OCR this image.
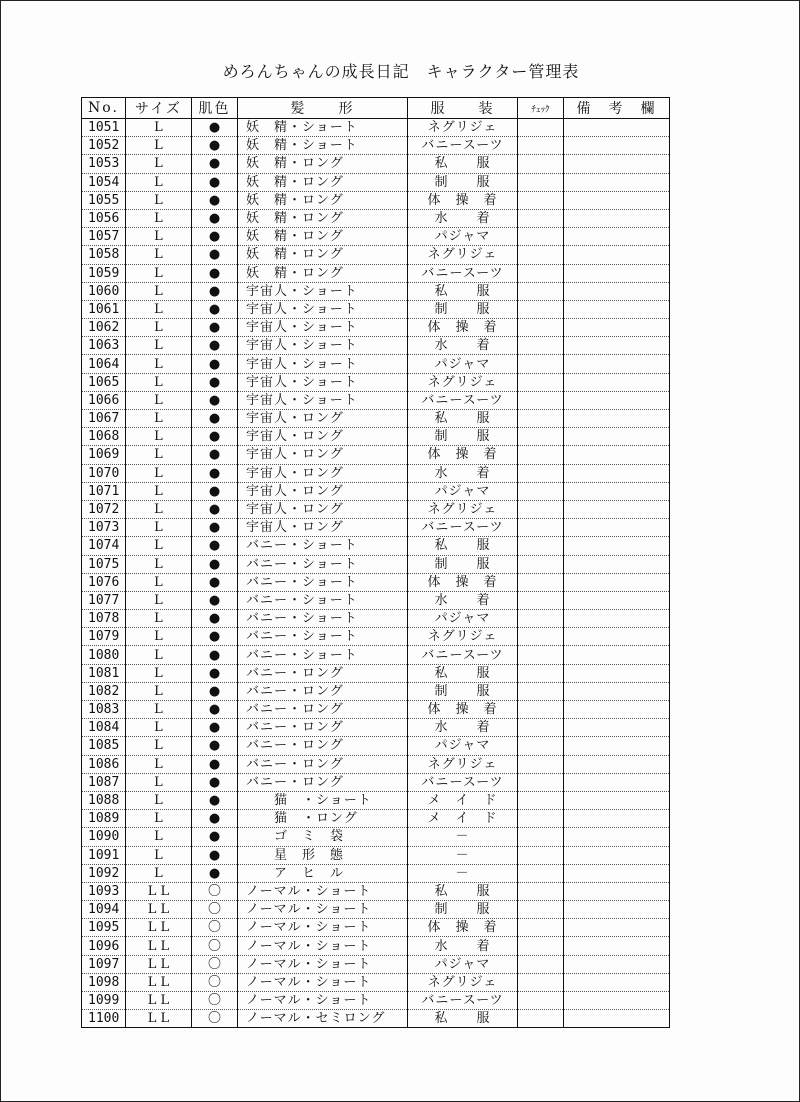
めろんちゃんの成長日記　キャラクター管理表
No.	サイズ	肌色	髪　　形	服　　装	ﾁｪｯｸ	備　考　欄
1051	L	●	妖　精・ショート	ネグリジェ		
1052	L	●	妖　精・ショート	バニースーツ		
1053	L	●	妖　精・ロング	私　　服		
1054	L	●	妖　精・ロング	制　　服		
1055	L	●	妖　精・ロング	体　操　着		
1056	L	●	妖　精・ロング	水　　着		
1057	L	●	妖　精・ロング	パジャマ		
1058	L	●	妖　精・ロング	ネグリジェ		
1059	L	●	妖　精・ロング	バニースーツ		
1060	L	●	宇宙人・ショート	私　　服		
1061	L	●	宇宙人・ショート	制　　服		
1062	L	●	宇宙人・ショート	体　操　着		
1063	L	●	宇宙人・ショート	水　　着		
1064	L	●	宇宙人・ショート	パジャマ		
1065	L	●	宇宙人・ショート	ネグリジェ		
1066	L	●	宇宙人・ショート	バニースーツ		
1067	L	●	宇宙人・ロング	私　　服		
1068	L	●	宇宙人・ロング	制　　服		
1069	L	●	宇宙人・ロング	体　操　着		
1070	L	●	宇宙人・ロング	水　　着		
1071	L	●	宇宙人・ロング	パジャマ		
1072	L	●	宇宙人・ロング	ネグリジェ		
1073	L	●	宇宙人・ロング	バニースーツ		
1074	L	●	バニー・ショート	私　　服		
1075	L	●	バニー・ショート	制　　服		
1076	L	●	バニー・ショート	体　操　着		
1077	L	●	バニー・ショート	水　　着		
1078	L	●	バニー・ショート	パジャマ		
1079	L	●	バニー・ショート	ネグリジェ		
1080	L	●	バニー・ショート	バニースーツ		
1081	L	●	バニー・ロング	私　　服		
1082	L	●	バニー・ロング	制　　服		
1083	L	●	バニー・ロング	体　操　着		
1084	L	●	バニー・ロング	水　　着		
1085	L	●	バニー・ロング	パジャマ		
1086	L	●	バニー・ロング	ネグリジェ		
1087	L	●	バニー・ロング	バニースーツ		
1088	L	●	　　猫　・ショート	メ　イ　ド		
1089	L	●	　　猫　・ロング	メ　イ　ド		
1090	L	●	　　ゴ　ミ　袋	－		
1091	L	●	　　星　形　態	－		
1092	L	●	　　ア　ヒ　ル	－		
1093	L L	〇	ノーマル・ショート	私　　服		
1094	L L	〇	ノーマル・ショート	制　　服		
1095	L L	〇	ノーマル・ショート	体　操　着		
1096	L L	〇	ノーマル・ショート	水　　着		
1097	L L	〇	ノーマル・ショート	パジャマ		
1098	L L	〇	ノーマル・ショート	ネグリジェ		
1099	L L	〇	ノーマル・ショート	バニースーツ		
1100	L L	〇	ノーマル・セミロング	私　　服		
